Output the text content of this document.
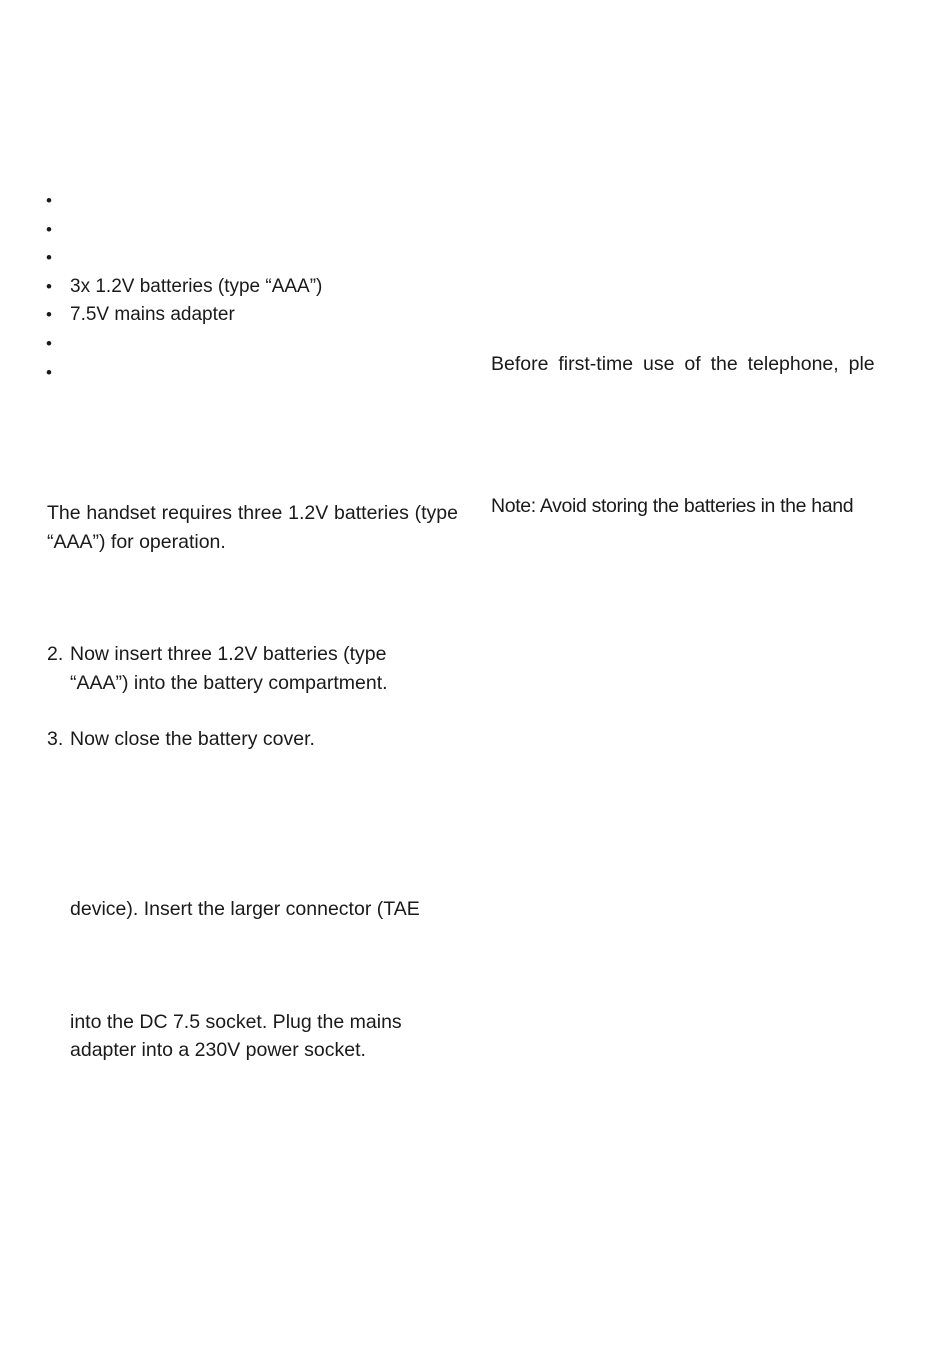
•
•
•
• 3x 1.2V batteries (type “AAA”)
• 7.5V mains adapter
•
•
The handset requires three 1.2V batteries (type “AAA”) for operation.
2. Now insert three 1.2V batteries (type
“AAA”) into the battery compartment.
3. Now close the battery cover.
device). Insert the larger connector (TAE
into the DC 7.5 socket. Plug the mains
adapter into a 230V power socket.
Before first-time use of the telephone, ple
Note: Avoid storing the batteries in the hand
